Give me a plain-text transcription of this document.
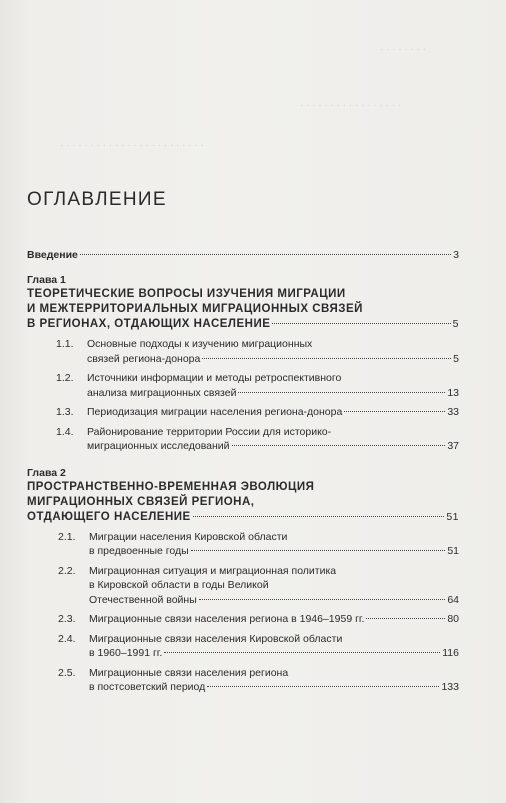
· · · · · · · ·
· · · · · · · · · · · · · · · · ·
· · · · · · · · · · · · · · · · · · · · · · · ·
ОГЛАВЛЕНИЕ
Введение	3
Глава 1
ТЕОРЕТИЧЕСКИЕ ВОПРОСЫ ИЗУЧЕНИЯ МИГРАЦИИ
И МЕЖТЕРРИТОРИАЛЬНЫХ МИГРАЦИОННЫХ СВЯЗЕЙ
В РЕГИОНАХ, ОТДАЮЩИХ НАСЕЛЕНИЕ	5
1.1.	Основные подходы к изучению миграционных
связей региона-донора	5
1.2.	Источники информации и методы ретроспективного
анализа миграционных связей	13
1.3.	Периодизация миграции населения региона-донора	33
1.4.	Районирование территории России для историко-
миграционных исследований	37
Глава 2
ПРОСТРАНСТВЕННО-ВРЕМЕННАЯ ЭВОЛЮЦИЯ
МИГРАЦИОННЫХ СВЯЗЕЙ РЕГИОНА,
ОТДАЮЩЕГО НАСЕЛЕНИЕ	51
2.1.	Миграции населения Кировской области
в предвоенные годы	51
2.2.	Миграционная ситуация и миграционная политика
в Кировской области в годы Великой
Отечественной войны	64
2.3.	Миграционные связи населения региона в 1946–1959 гг.	80
2.4.	Миграционные связи населения Кировской области
в 1960–1991 гг.	116
2.5.	Миграционные связи населения региона
в постсоветский период	133
